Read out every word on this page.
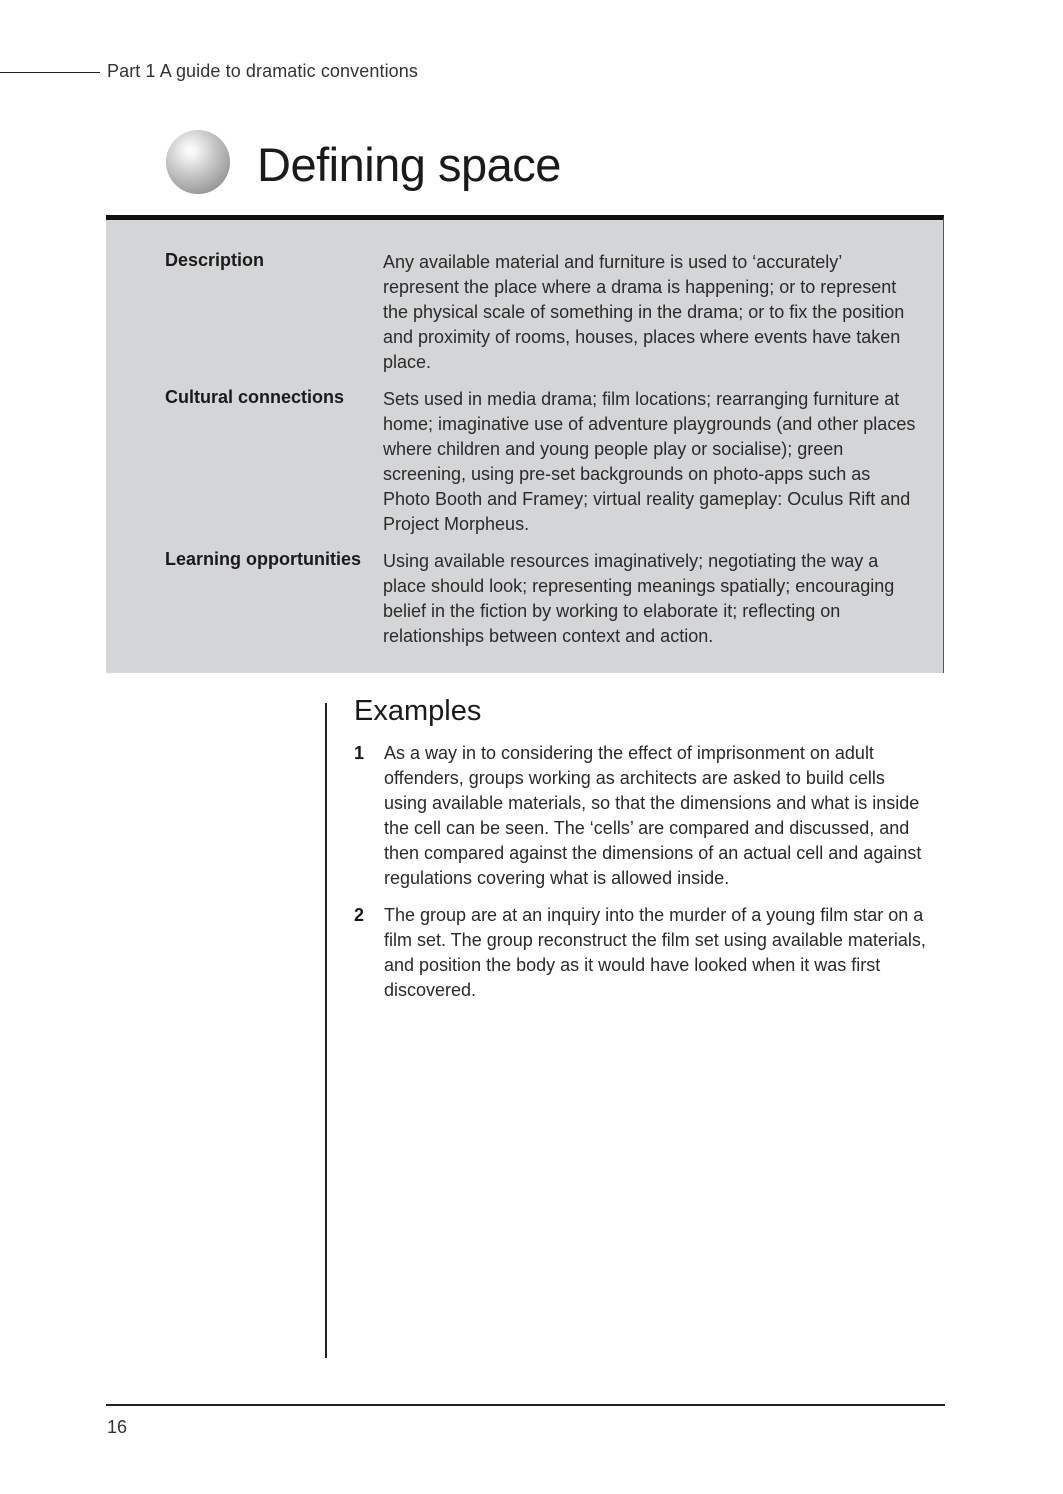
Part 1 A guide to dramatic conventions
Defining space
Description	Any available material and furniture is used to ‘accurately’ represent the place where a drama is happening; or to represent the physical scale of something in the drama; or to fix the position and proximity of rooms, houses, places where events have taken place.
Cultural connections Sets used in media drama; film locations; rearranging furniture at home; imaginative use of adventure playgrounds (and other places where children and young people play or socialise); green screening, using pre-set backgrounds on photo-apps such as Photo Booth and Framey; virtual reality gameplay: Oculus Rift and Project Morpheus.
Learning opportunities Using available resources imaginatively; negotiating the way a place should look; representing meanings spatially; encouraging belief in the fiction by working to elaborate it; reflecting on relationships between context and action.
Examples
1 As a way in to considering the effect of imprisonment on adult offenders, groups working as architects are asked to build cells using available materials, so that the dimensions and what is inside the cell can be seen. The ‘cells’ are compared and discussed, and then compared against the dimensions of an actual cell and against regulations covering what is allowed inside.
2 The group are at an inquiry into the murder of a young film star on a film set. The group reconstruct the film set using available materials, and position the body as it would have looked when it was first discovered.
16
